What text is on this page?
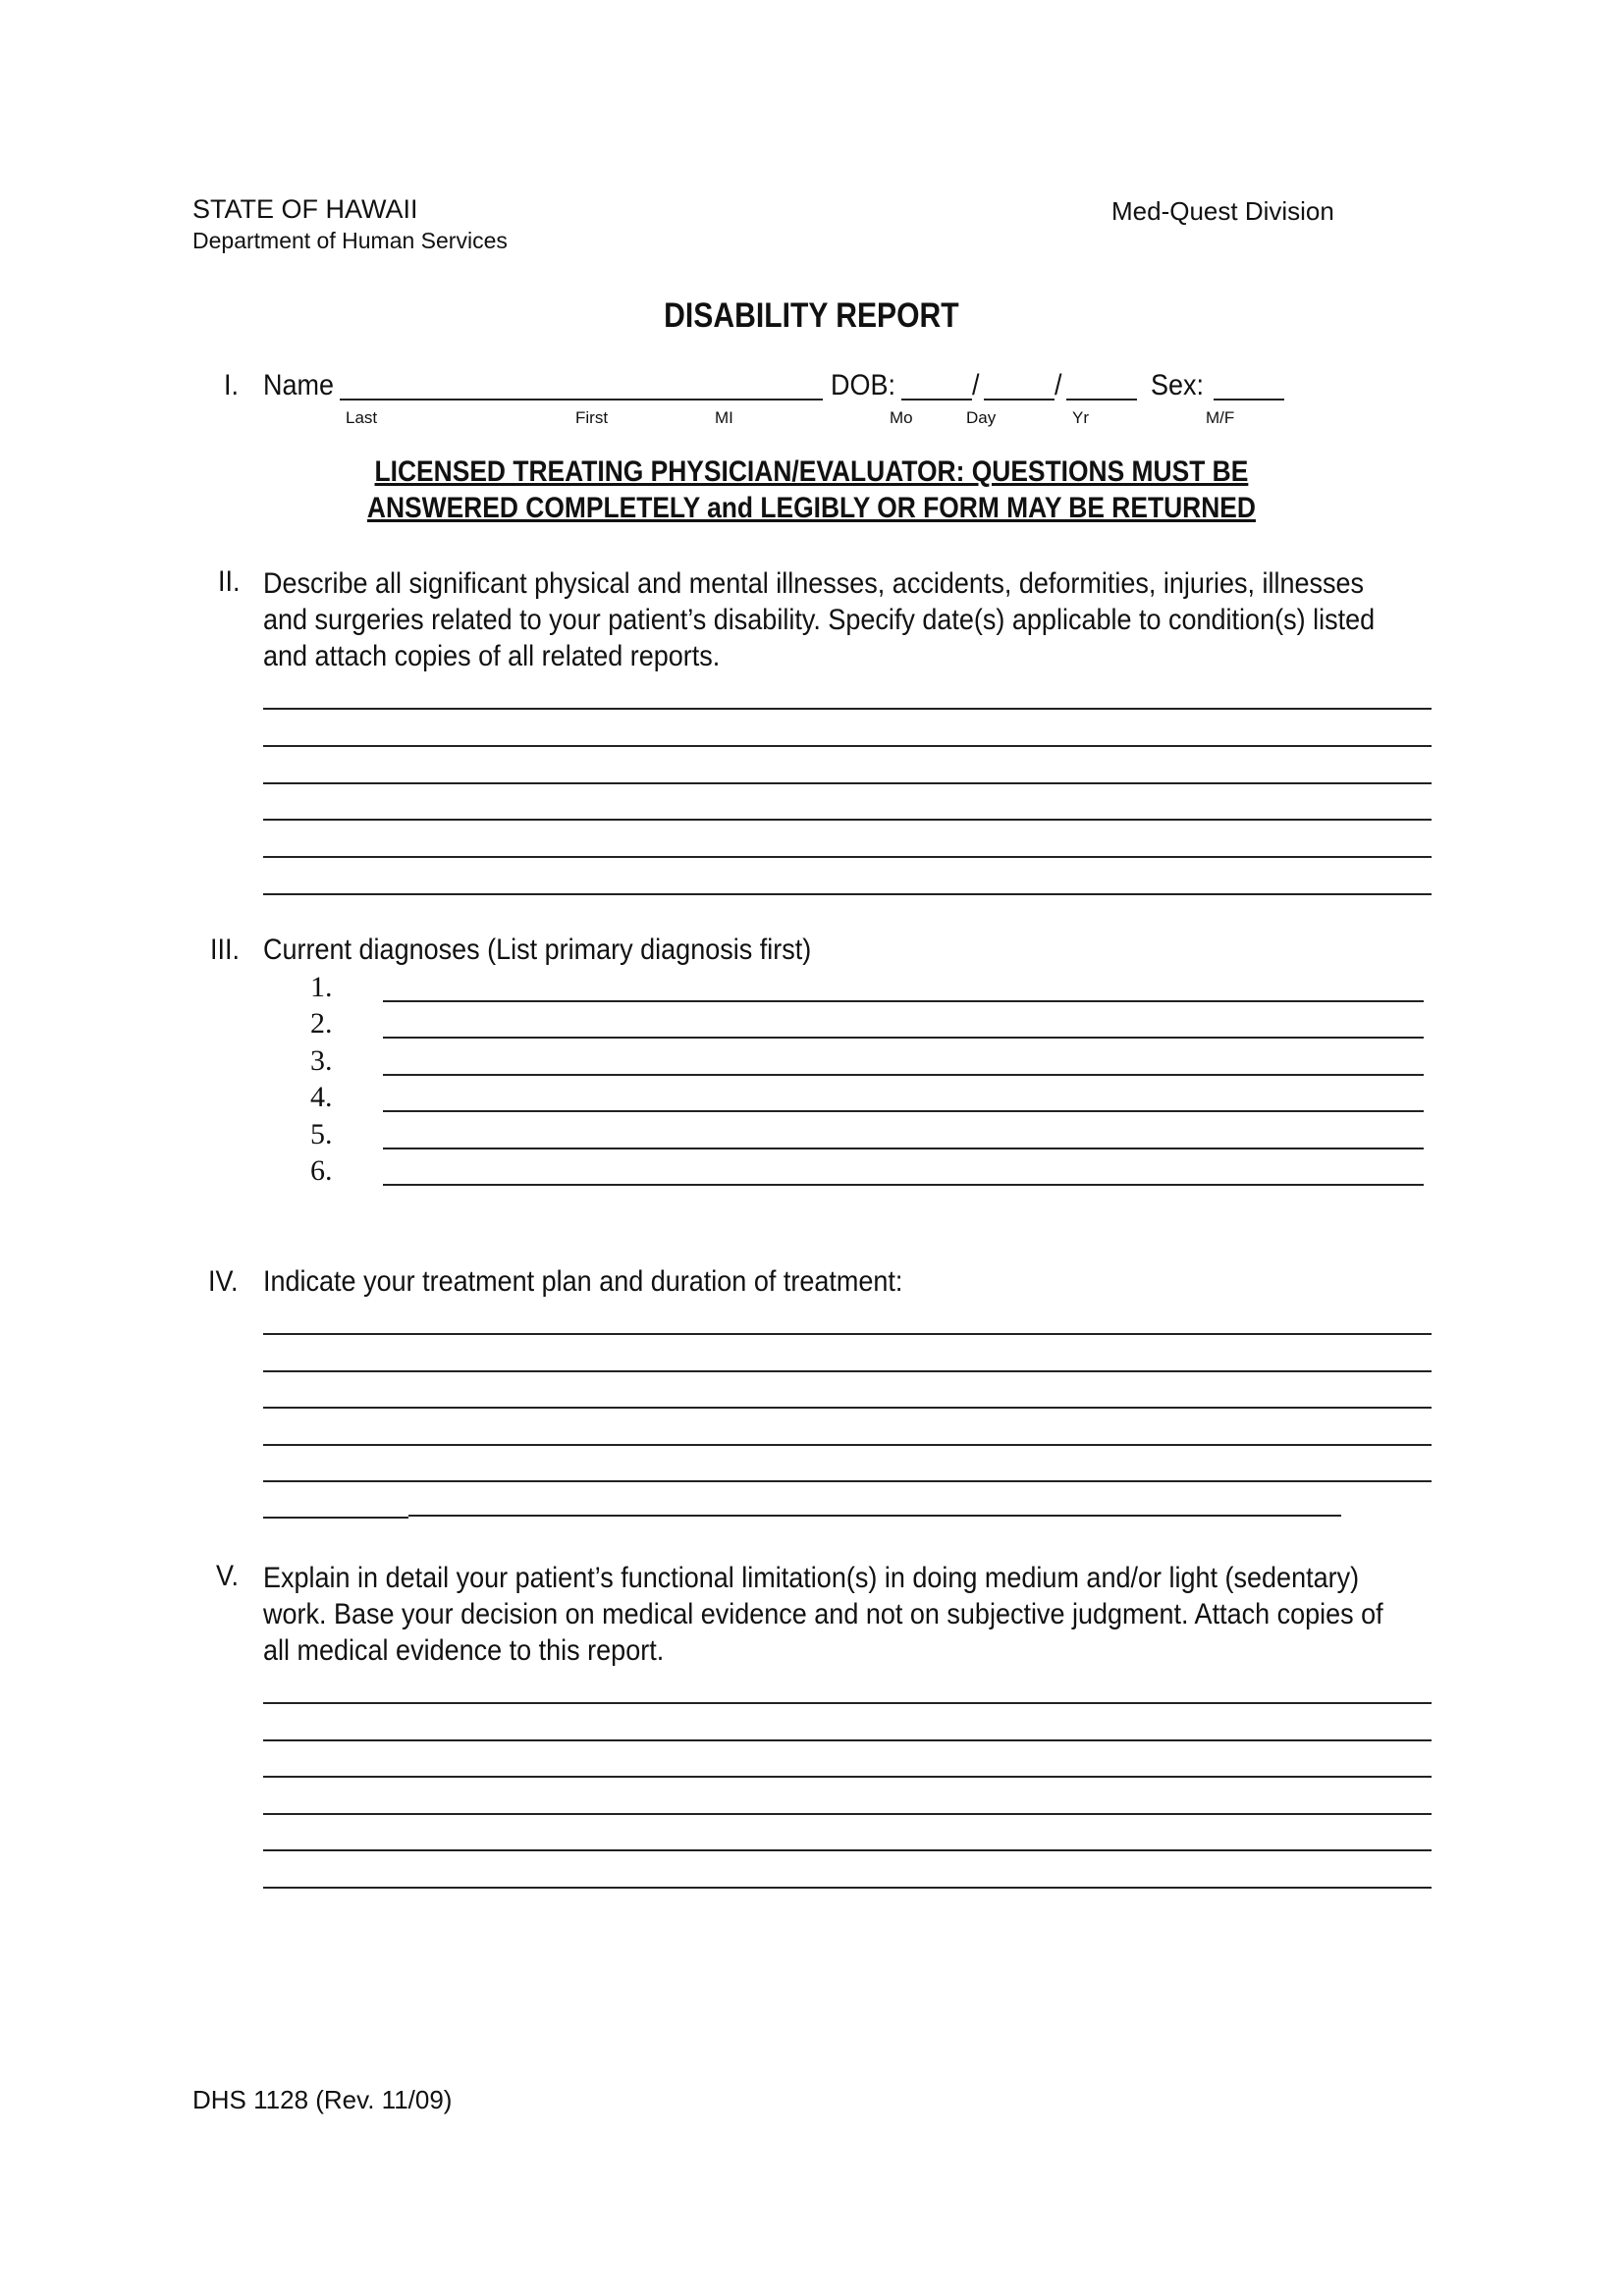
STATE OF HAWAII
Department of Human Services
Med-Quest Division
DISABILITY REPORT
I. Name	DOB:	/	/	Sex:
Last	First	MI	Mo	Day	Yr	M/F
LICENSED TREATING PHYSICIAN/EVALUATOR: QUESTIONS MUST BE
ANSWERED COMPLETELY and LEGIBLY OR FORM MAY BE RETURNED
II. Describe all significant physical and mental illnesses, accidents, deformities, injuries, illnesses and surgeries related to your patient’s disability. Specify date(s) applicable to condition(s) listed and attach copies of all related reports.
III. Current diagnoses (List primary diagnosis first)
1.
2.
3.
4.
5.
6.
IV. Indicate your treatment plan and duration of treatment:
V. Explain in detail your patient’s functional limitation(s) in doing medium and/or light (sedentary) work. Base your decision on medical evidence and not on subjective judgment. Attach copies of all medical evidence to this report.
DHS 1128 (Rev. 11/09)
